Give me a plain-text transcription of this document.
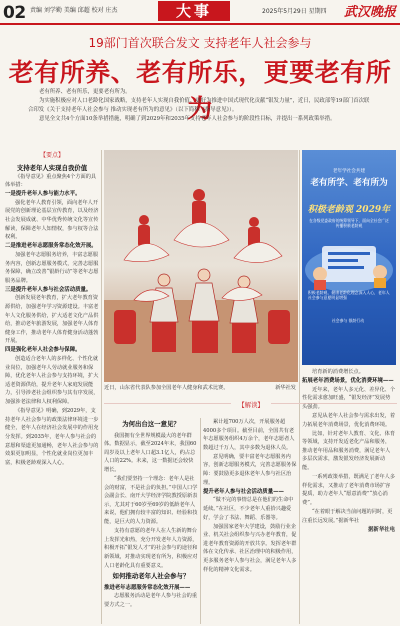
02 责编 刘学勤 美编 邱超 校对 庄杰	大事	2025年5月29日 星期四 武汉晚报
19部门首次联合发文 支持老年人社会参与
老有所养、老有所乐，更要老有所为

老有所养、老有所乐，更要老有所为。

为实施积极应对人口老龄化国家战略，支持老年人实现自我价值，更好为推进中国式现代化贡献“银发力量”，近日，民政部等19部门首次联合印发《关于支持老年人社会参与 推动实现老有所为的意见》（以下简称《指导意见》）。

意见全文共4个方面10条举措措施，明确了到2029年和2035年支持老年人社会参与的阶段性目标，并提出一系列政策举措。

【要点】
支持老年人实现自我价值

《指导意见》重点聚焦4个方面的具体举措：

一是提升老年人参与能力水平。

强化老年人教育引领，面向老年人开展党的创新理论基层宣传教育，以及经济社会发展成就、中华优秀传统文化等宣传解读，保障老年人知情权，参与权等合法权利。

二是推进老年志愿服务常态化效开展。

加强老年志愿服务培养，丰富志愿服务内容，创新志愿服务模式，完善志愿服务保障，确立改善“银龄行动”等老年志愿服务品牌。

三是提升老年人参与社会活动质量。

创新发展老年教育，扩大老年教育资源供给，加强老年学习资源建设。丰富老年人文化服务供给，扩大适老文化产品供给，推动老年旅游发展，加强老年人体育健身工作，推动老年人体育健身活动蓬勃开展。

四是强化老年人社会参与保障。

创造适合老年人的多样化、个性化就业岗位，加强老年人劳动就业服务和保障，优化老年人社会参与支持环境，扩大适老资源供给，提升老年人家庭发展能力，引导涉老社会组织参与其有序发展，加强涉老法律和人权利保障。

《指导意见》明确，到2029年，支持老年人社会参与的政策法律环境进一步健全，老年人在经济社会发展中的作用充分发挥。到2035年，老年人参与社会的意愿和渠道更加通畅，老年人社会参与的效果更加明显，个性化就业岗位更加丰富，积极老龄观深入人心。

近日，山东省代表队参加全国老年人健身和武术比赛。	新华社发
【解读】
为何出台这一意见？

我国拥有全世界规模最大的老年群体。数据显示，截至2024年末，我国60周岁及以上老年人口超3.1亿人，约占总人口的22%。未来，这一数据还会较快增长。

“我们要坚持一个理念：老年人是社会的财富，不是社会的负担。”中国人口学会副会长、南开大学经济学院教授原新表示，尤其对于60岁至69岁的低龄老年人来说，他们拥有较丰富的知识、经验和技能，是巨大的人力资源。

支持有意愿的老年人在人生新的舞台上发挥光和热，充分开发老年人力资源，积极开拓“银发人才”的社会参与的途径和新领域，对推动实现老有所为，积极应对人口老龄化具有重要意义。

如何推动老年人社会参与？
推进老年志愿服务常态化效开展——

志愿服务活动是老年人参与社会的重要方式之一。

累计超700万人次，开展服务超4000多个项目。截至目前，全国共有老年志愿服务组织4万余个，老年志愿者人数超过千万人，其中多数为退休人员。

意见明确，要丰富老年志愿服务内容，创新志愿服务模式，完善志愿服务保障：要鼓励更多退休老年人参与社区治理。

提升老年人参与社会活动质量——

“做不完的事情总是在他们的生命中延续。”在社区，不少老年人重拾兴趣爱好，学会了书法、舞蹈、乐器等。

加强国家老年大学建设，鼓励行业企业、机关社会组织参与兴办老年教育，促进老年教育资源的开放共享。发挥老年群体在文化传承、社区治理中的积极作用，更多服务老年人参与社会，满足老年人多样化的精神文化需求。

老年学社会共建
老有所学、老有所为
积极老龄观 2029年
在各级党委政府的统筹领导下，面向全社会广泛传播积极老龄观
积极老龄观、健康老龄化理念深入人心，老年人社会参与意愿明显增强
社会参与 银龄行动

培育新的消费增长点。

拓展老年消费场景，优化消费环境——

近年来，老年人多元化、差异化、个性化需求愈加旺盛，“银发经济”发展势头强劲。

意见从老年人社会参与需求出发，着力拓展老年消费场景，优化消费环境。

比如，针对老年人教育、文化、体育等领域，支持开发适老化产品和服务，推动老年用品和服务消费，满足老年人多层次需求，激发银发经济发展新动能。

一系列政策举措，既满足了老年人多样化需求，又推动了老年消费市场扩容提质，助力老年人“愿意消费”“放心消费”。

“在着眼于解决当前问题的同时，更注重长远发展。”据新华社

据新华社电
